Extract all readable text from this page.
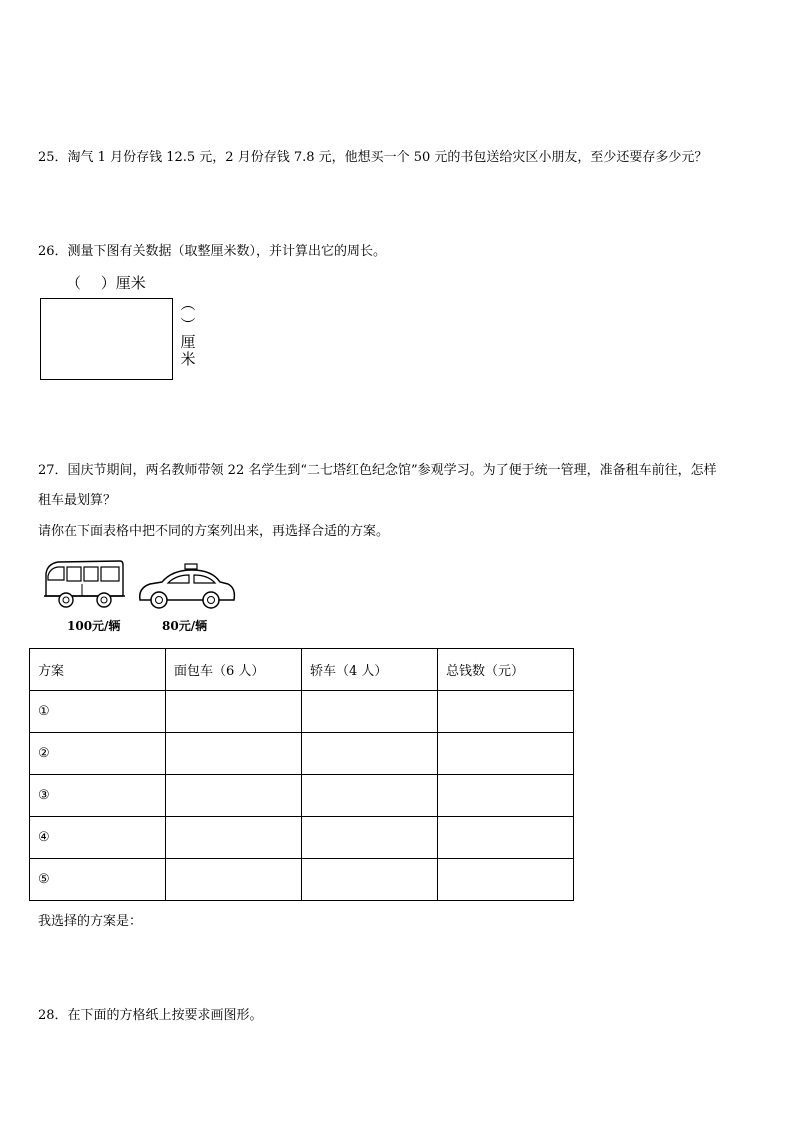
25．淘气 1 月份存钱 12.5 元，2 月份存钱 7.8 元，他想买一个 50 元的书包送给灾区小朋友，至少还要存多少元？
26．测量下图有关数据（取整厘米数），并计算出它的周长。
（　 ）厘米
︵
︶
厘
米
27．国庆节期间，两名教师带领 22 名学生到“二七塔红色纪念馆”参观学习。为了便于统一管理，准备租车前往，怎样
租车最划算？
请你在下面表格中把不同的方案列出来，再选择合适的方案。
100元/辆	80元/辆
方案	面包车（6 人）	轿车（4 人）	总钱数（元）
①			
②			
③			
④			
⑤			
我选择的方案是：
28．在下面的方格纸上按要求画图形。
